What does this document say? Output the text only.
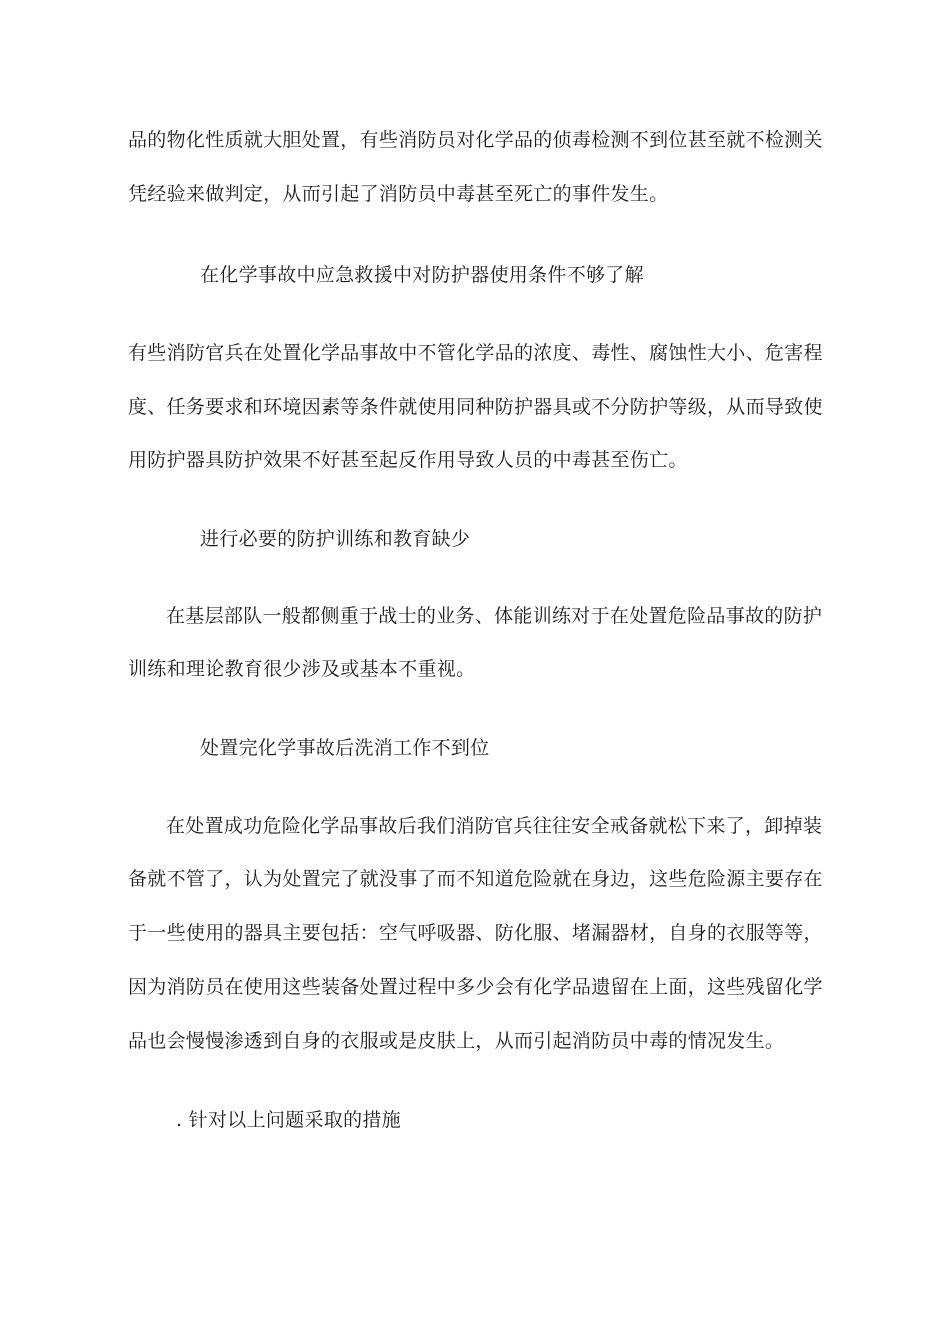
品的物化性质就大胆处置，有些消防员对化学品的侦毒检测不到位甚至就不检测关
凭经验来做判定，从而引起了消防员中毒甚至死亡的事件发生。
在化学事故中应急救援中对防护器使用条件不够了解
有些消防官兵在处置化学品事故中不管化学品的浓度、毒性、腐蚀性大小、危害程
度、任务要求和环境因素等条件就使用同种防护器具或不分防护等级，从而导致使
用防护器具防护效果不好甚至起反作用导致人员的中毒甚至伤亡。
进行必要的防护训练和教育缺少
在基层部队一般都侧重于战士的业务、体能训练对于在处置危险品事故的防护
训练和理论教育很少涉及或基本不重视。
处置完化学事故后洗消工作不到位
在处置成功危险化学品事故后我们消防官兵往往安全戒备就松下来了，卸掉装
备就不管了，认为处置完了就没事了而不知道危险就在身边，这些危险源主要存在
于一些使用的器具主要包括：空气呼吸器、防化服、堵漏器材，自身的衣服等等，
因为消防员在使用这些装备处置过程中多少会有化学品遗留在上面，这些残留化学
品也会慢慢渗透到自身的衣服或是皮肤上，从而引起消防员中毒的情况发生。
. 针对以上问题采取的措施
